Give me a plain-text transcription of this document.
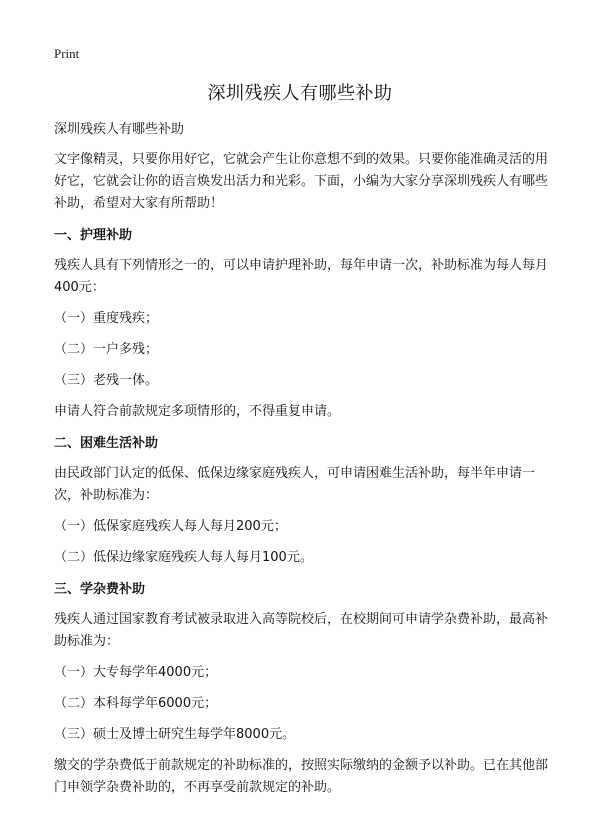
Print
深圳残疾人有哪些补助

深圳残疾人有哪些补助

文字像精灵，只要你用好它，它就会产生让你意想不到的效果。只要你能准确灵活的用好它，它就会让你的语言焕发出活力和光彩。下面，小编为大家分享深圳残疾人有哪些补助，希望对大家有所帮助！

一、护理补助

残疾人具有下列情形之一的，可以申请护理补助，每年申请一次，补助标准为每人每月400元：

（一）重度残疾；

（二）一户多残；

（三）老残一体。

申请人符合前款规定多项情形的，不得重复申请。

二、困难生活补助

由民政部门认定的低保、低保边缘家庭残疾人，可申请困难生活补助，每半年申请一次，补助标准为：

（一）低保家庭残疾人每人每月200元；

（二）低保边缘家庭残疾人每人每月100元。

三、学杂费补助

残疾人通过国家教育考试被录取进入高等院校后，在校期间可申请学杂费补助，最高补助标准为：

（一）大专每学年4000元；

（二）本科每学年6000元；

（三）硕士及博士研究生每学年8000元。

缴交的学杂费低于前款规定的补助标准的，按照实际缴纳的金额予以补助。已在其他部门申领学杂费补助的，不再享受前款规定的补助。
